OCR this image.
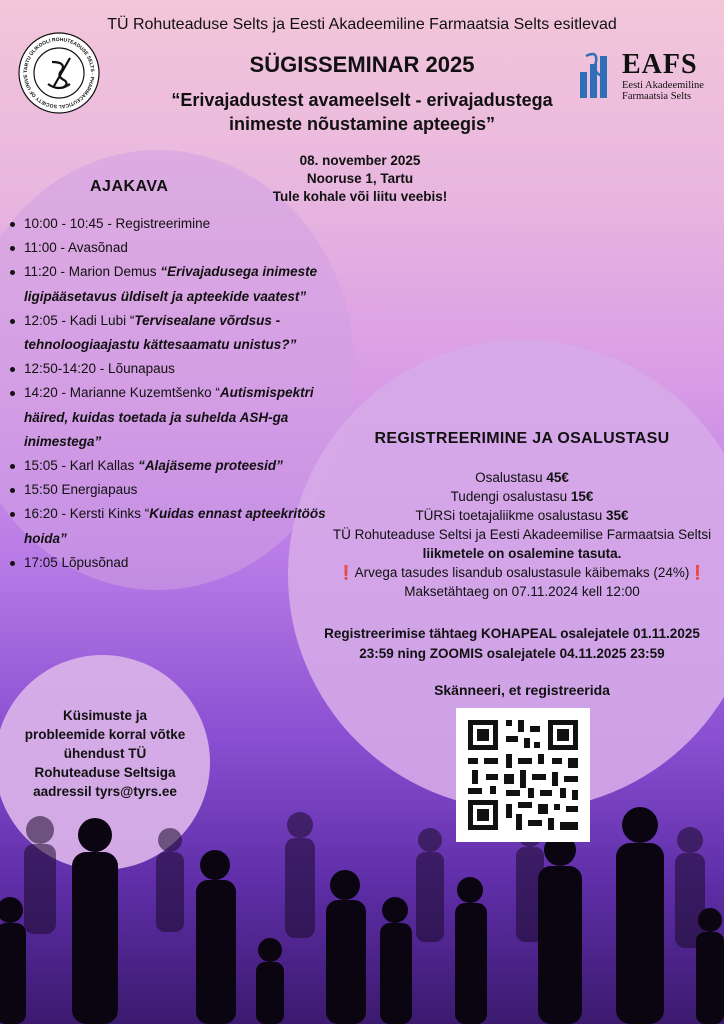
TÜ Rohuteaduse Selts ja Eesti Akadeemiline Farmaatsia Selts esitlevad
SÜGISSEMINAR 2025
“Erivajadustest avameelselt - erivajadustega
inimeste nõustamine apteegis”
TARTU ÜLIKOOLI ROHUTEADUSE SELTS · PHARMACEUTICAL SOCIETY OF UNIVE	EAFS
Eesti Akadeemiline
Farmaatsia Selts
08. november 2025
Nooruse 1, Tartu
Tule kohale või liitu veebis!
AJAKAVA
10:00 - 10:45 - Registreerimine
11:00 - Avasõnad
11:20 - Marion Demus “Erivajadusega inimeste ligipääsetavus üldiselt ja apteekide vaatest”
12:05 - Kadi Lubi “Tervisealane võrdsus - tehnoloogiaajastu kättesaamatu unistus?”
12:50-14:20 - Lõunapaus
14:20 - Marianne Kuzemtšenko “Autismispektri häired, kuidas toetada ja suhelda ASH-ga inimestega”
15:05 - Karl Kallas “Alajäseme proteesid”
15:50 Energiapaus
16:20 - Kersti Kinks “Kuidas ennast apteekritöös hoida”
17:05 Lõpusõnad
REGISTREERIMINE JA OSALUSTASU
Osalustasu 45€
Tudengi osalustasu 15€
TÜRSi toetajaliikme osalustasu 35€
TÜ Rohuteaduse Seltsi ja Eesti Akadeemilise Farmaatsia Seltsi
liikmetele on osalemine tasuta.
❗Arvega tasudes lisandub osalustasule käibemaks (24%)❗
Maksetähtaeg on 07.11.2024 kell 12:00
Registreerimise tähtaeg KOHAPEAL osalejatele 01.11.2025
23:59 ning ZOOMIS osalejatele 04.11.2025 23:59
Skänneeri, et registreerida
Küsimuste ja
probleemide korral võtke
ühendust TÜ
Rohuteaduse Seltsiga
aadressil tyrs@tyrs.ee
